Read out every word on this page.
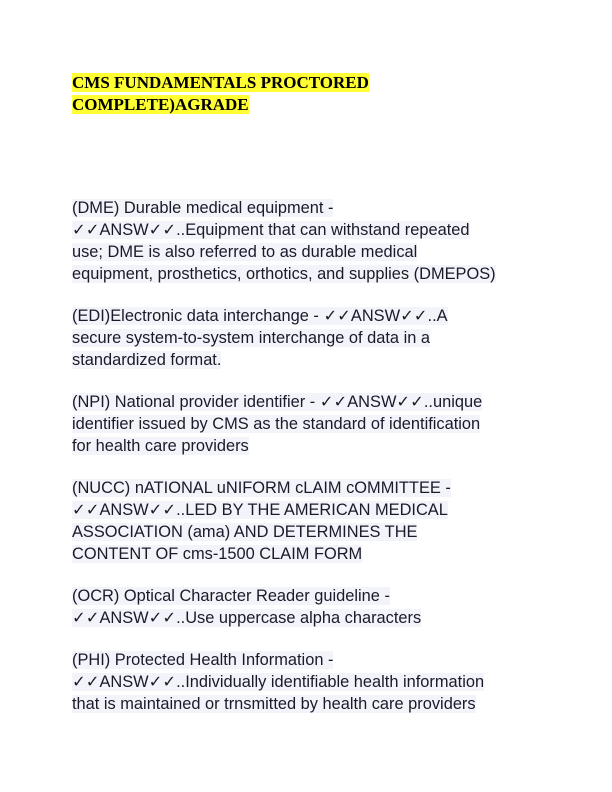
CMS FUNDAMENTALS PROCTORED
COMPLETE)AGRADE

(DME) Durable medical equipment -
✓✓ANSW✓✓..Equipment that can withstand repeated
use; DME is also referred to as durable medical
equipment, prosthetics, orthotics, and supplies (DMEPOS)

(EDI)Electronic data interchange - ✓✓ANSW✓✓..A
secure system-to-system interchange of data in a
standardized format.

(NPI) National provider identifier - ✓✓ANSW✓✓..unique
identifier issued by CMS as the standard of identification
for health care providers

(NUCC) nATIONAL uNIFORM cLAIM cOMMITTEE -
✓✓ANSW✓✓..LED BY THE AMERICAN MEDICAL
ASSOCIATION (ama) AND DETERMINES THE
CONTENT OF cms-1500 CLAIM FORM

(OCR) Optical Character Reader guideline -
✓✓ANSW✓✓..Use uppercase alpha characters

(PHI) Protected Health Information -
✓✓ANSW✓✓..Individually identifiable health information
that is maintained or trnsmitted by health care providers
